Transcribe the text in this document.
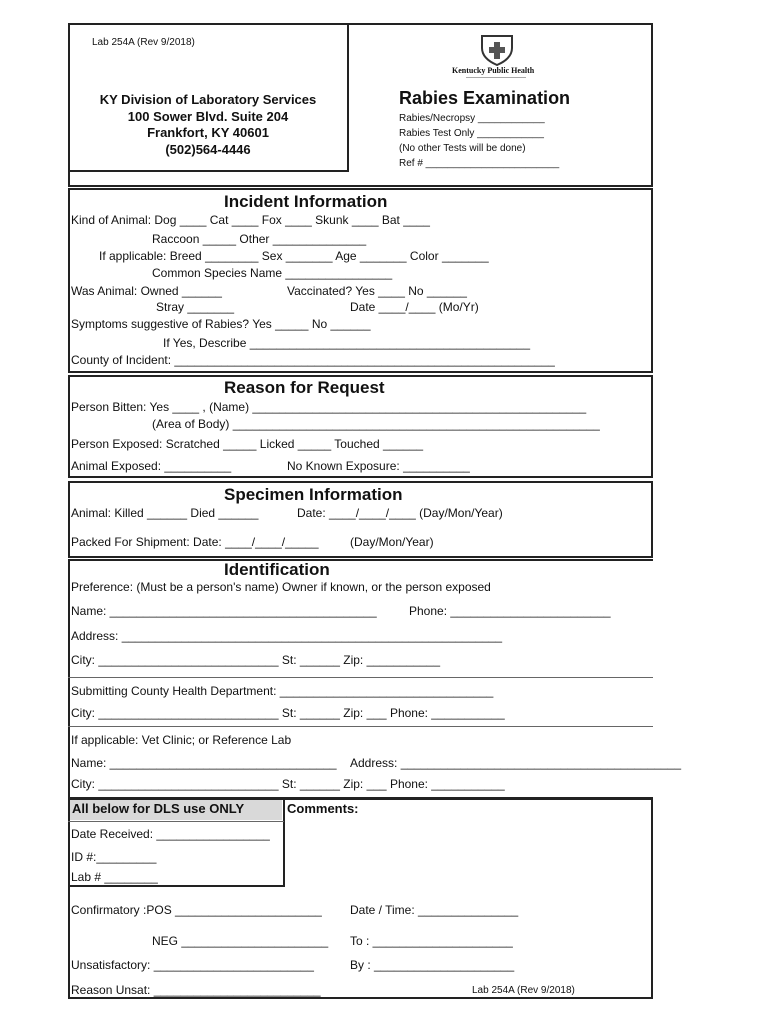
Lab 254A (Rev 9/2018)
Kentucky Public Health
KY Division of Laboratory Services
100 Sower Blvd. Suite 204
Frankfort, KY 40601
(502)564-4446
Rabies Examination
Rabies/Necropsy ____________
Rabies Test Only ____________
(No other Tests will be done)
Ref # ________________________
Incident Information
Kind of Animal: Dog ____ Cat ____ Fox ____ Skunk ____ Bat ____
Raccoon _____ Other ______________
If applicable: Breed ________ Sex _______ Age _______ Color _______
Common Species Name ________________
Was Animal: Owned ______	Vaccinated? Yes ____ No ______
Stray _______	Date ____/____ (Mo/Yr)
Symptoms suggestive of Rabies? Yes _____ No ______
If Yes, Describe __________________________________________
County of Incident: _________________________________________________________
Reason for Request
Person Bitten: Yes ____ , (Name) __________________________________________________
(Area of Body) _______________________________________________________
Person Exposed: Scratched _____ Licked _____ Touched ______
Animal Exposed: __________	No Known Exposure: __________
Specimen Information
Animal: Killed ______ Died ______	Date: ____/____/____ (Day/Mon/Year)
Packed For Shipment: Date: ____/____/_____	(Day/Mon/Year)
Identification
Preference: (Must be a person's name) Owner if known, or the person exposed
Name: ________________________________________	Phone: ________________________
Address: _________________________________________________________
City: ___________________________ St: ______ Zip: ___________
Submitting County Health Department: ________________________________
City: ___________________________ St: ______ Zip: ___ Phone: ___________
If applicable: Vet Clinic; or Reference Lab
Name: __________________________________ Address: __________________________________________
City: ___________________________ St: ______ Zip: ___ Phone: ___________
All below for DLS use ONLY	Comments:
Date Received: _________________
ID #:_________
Lab # ________
Confirmatory :POS ______________________ Date / Time: _______________
NEG ______________________ To : _____________________
Unsatisfactory: ________________________	By : _____________________
Reason Unsat: _________________________	Lab 254A (Rev 9/2018)
